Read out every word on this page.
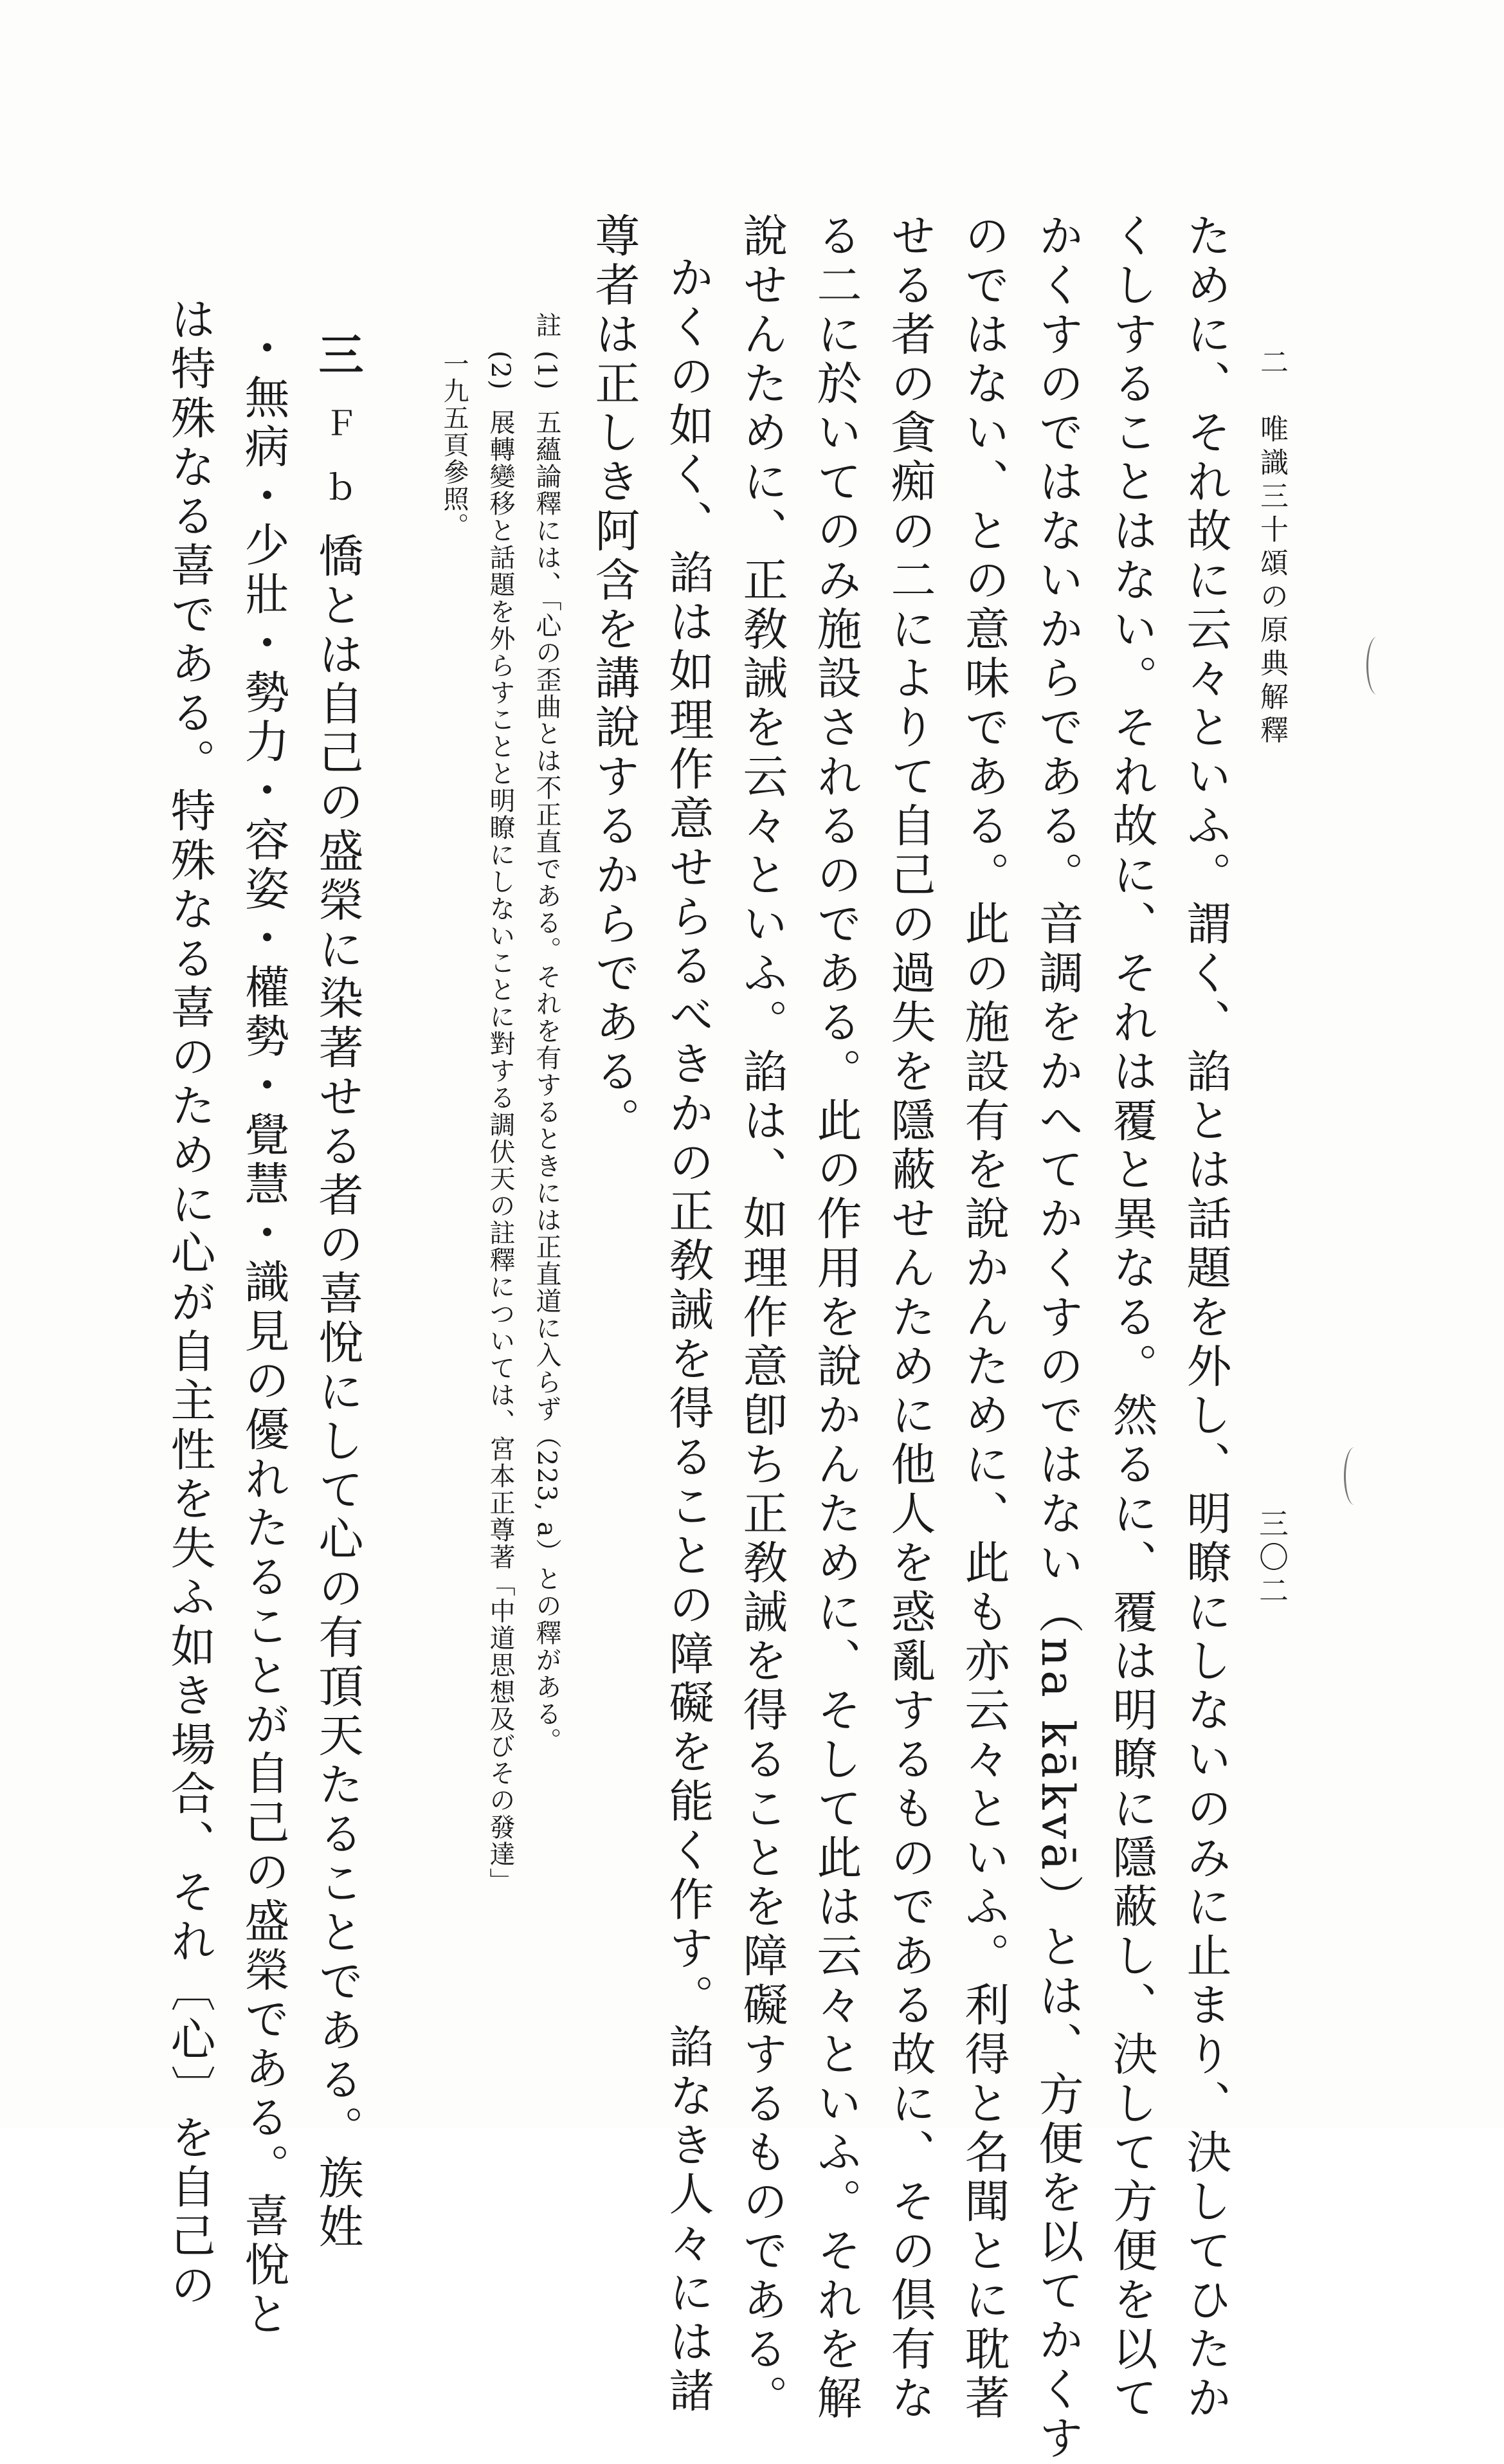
二　唯識三十頌の原典解釋
三〇二
ために、それ故に云々といふ。謂く、諂とは話題を外し、明瞭にしないのみに止まり、決してひたか
くしすることはない。それ故に、それは覆と異なる。然るに、覆は明瞭に隱蔽し、決して方便を以て
かくすのではないからである。音調をかへてかくすのではない（na kākvā）とは、方便を以てかくす
のではない、との意味である。此の施設有を說かんために、此も亦云々といふ。利得と名聞とに耽著
せる者の貪痴の二によりて自己の過失を隱蔽せんために他人を惑亂するものである故に、その倶有な
る二に於いてのみ施設されるのである。此の作用を說かんために、そして此は云々といふ。それを解
說せんために、正敎誡を云々といふ。諂は、如理作意卽ち正敎誡を得ることを障礙するものである。
かくの如く、諂は如理作意せらるべきかの正敎誡を得ることの障礙を能く作す。諂なき人々には諸
尊者は正しき阿含を講說するからである。
註
(1)五蘊論釋には、「心の歪曲とは不正直である。それを有するときには正直道に入らず（223, a）との釋がある。
(2)展轉變移と話題を外らすことと明瞭にしないことに對する調伏天の註釋については、宮本正尊著「中道思想及びその發達」
一九五頁參照。
三Ｆｂ憍とは自己の盛榮に染著せる者の喜悅にして心の有頂天たることである。族姓
・無病・少壯・勢力・容姿・權勢・覺慧・識見の優れたることが自己の盛榮である。喜悅と
は特殊なる喜である。特殊なる喜のために心が自主性を失ふ如き場合、それ〔心〕を自己の
